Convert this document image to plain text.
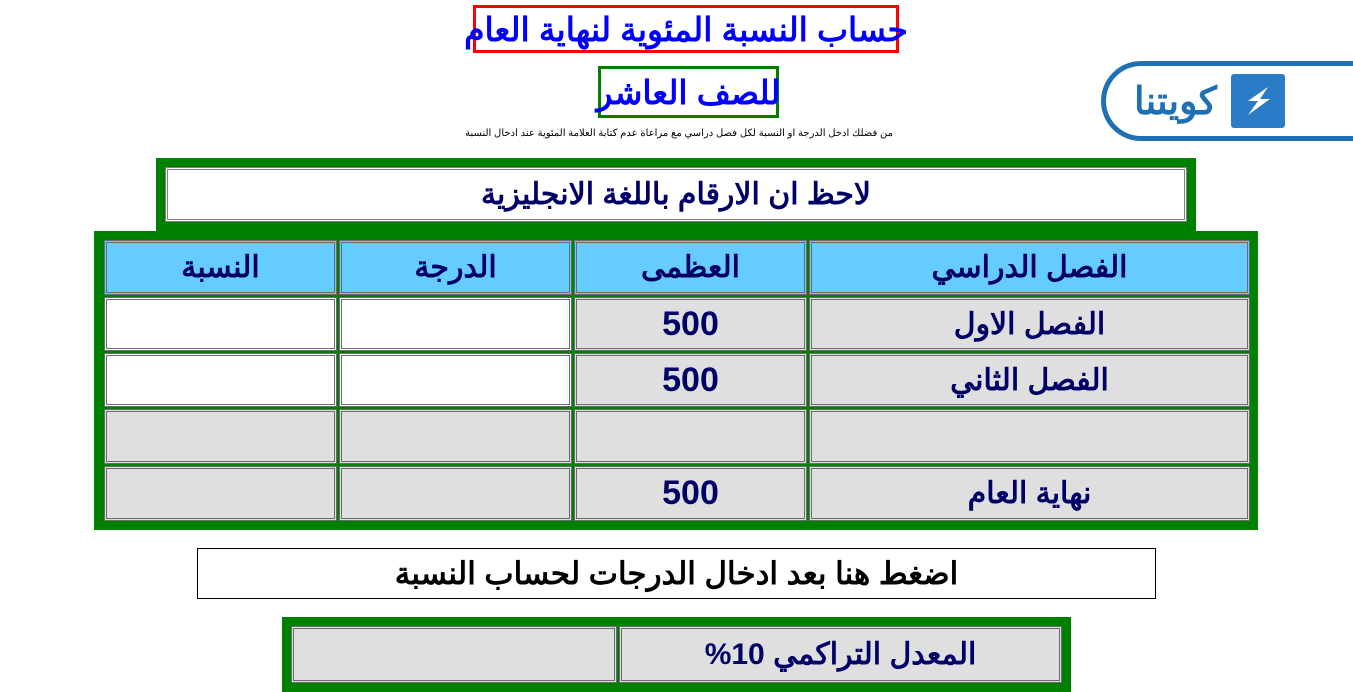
حساب النسبة المئوية لنهاية العام
للصف العاشر
من فضلك ادخل الدرجة او النسبة لكل فصل دراسي مع مراعاة عدم كتابة العلامة المئوية عند ادخال النسبة
كويتنا
لاحظ ان الارقام باللغة الانجليزية
الفصل الدراسي
العظمى
الدرجة
النسبة
الفصل الاول
500
الفصل الثاني
500
نهاية العام
500
اضغط هنا بعد ادخال الدرجات لحساب النسبة
المعدل التراكمي 10%
